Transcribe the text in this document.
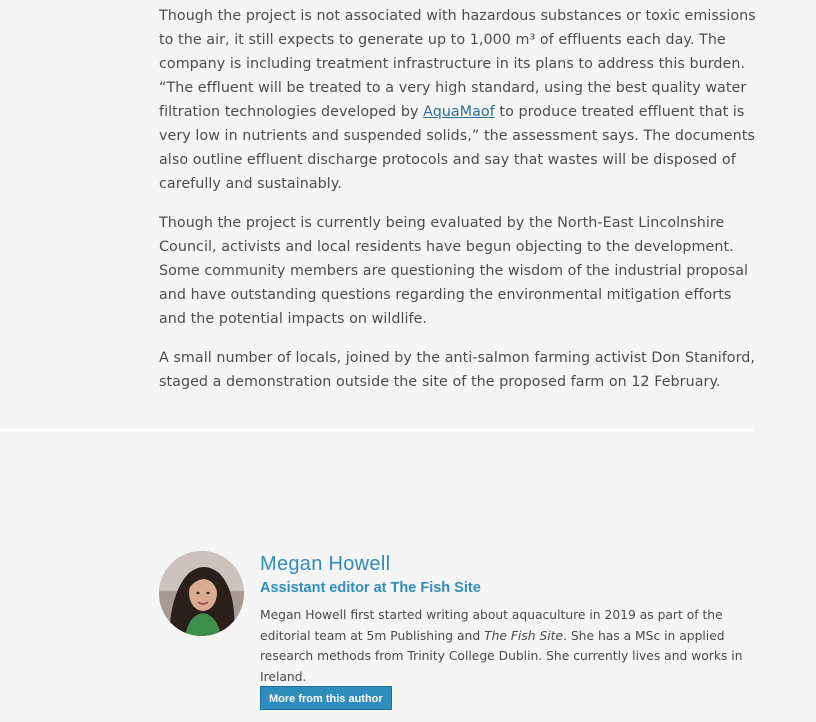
Though the project is not associated with hazardous substances or toxic emissions to the air, it still expects to generate up to 1,000 m³ of effluents each day. The company is including treatment infrastructure in its plans to address this burden. “The effluent will be treated to a very high standard, using the best quality water filtration technologies developed by AquaMaof to produce treated effluent that is very low in nutrients and suspended solids,” the assessment says. The documents also outline effluent discharge protocols and say that wastes will be disposed of carefully and sustainably.

Though the project is currently being evaluated by the North-East Lincolnshire Council, activists and local residents have begun objecting to the development. Some community members are questioning the wisdom of the industrial proposal and have outstanding questions regarding the environmental mitigation efforts and the potential impacts on wildlife.

A small number of locals, joined by the anti-salmon farming activist Don Staniford, staged a demonstration outside the site of the proposed farm on 12 February.

Megan Howell
Assistant editor at The Fish Site

Megan Howell first started writing about aquaculture in 2019 as part of the editorial team at 5m Publishing and The Fish Site. She has a MSc in applied research methods from Trinity College Dublin. She currently lives and works in Ireland.

More from this author
